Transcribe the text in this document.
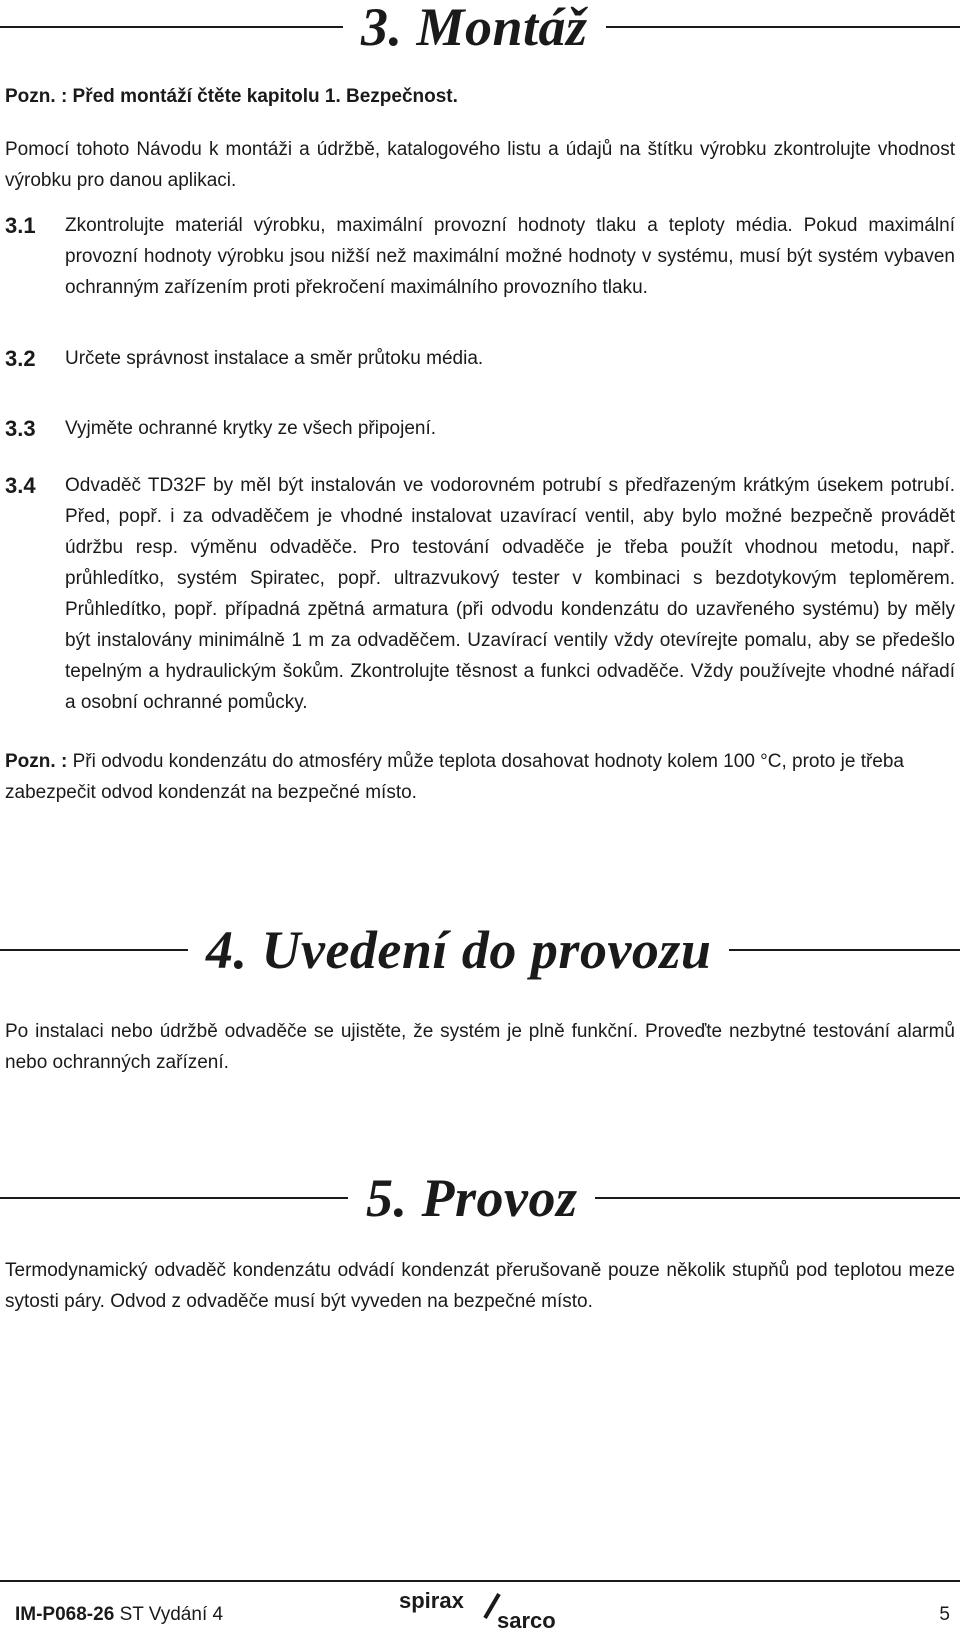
3. Montáž
Pozn. : Před montáží čtěte kapitolu 1. Bezpečnost.
Pomocí tohoto Návodu k montáži a údržbě, katalogového listu a údajů na štítku výrobku zkontrolujte vhodnost výrobku pro danou aplikaci.
3.1	Zkontrolujte materiál výrobku, maximální provozní hodnoty tlaku a teploty média. Pokud maximální provozní hodnoty výrobku jsou nižší než maximální možné hodnoty v systému, musí být systém vybaven ochranným zařízením proti překročení maximálního provozního tlaku.
3.2	Určete správnost instalace a směr průtoku média.
3.3	Vyjměte ochranné krytky ze všech připojení.
3.4	Odvaděč TD32F by měl být instalován ve vodorovném potrubí s předřazeným krátkým úsekem potrubí. Před, popř. i za odvaděčem je vhodné instalovat uzavírací ventil, aby bylo možné bezpečně provádět údržbu resp. výměnu odvaděče. Pro testování odvaděče je třeba použít vhodnou metodu, např. průhledítko, systém Spiratec, popř. ultrazvukový tester v kombinaci s bezdotykovým teploměrem. Průhledítko, popř. případná zpětná armatura (při odvodu kondenzátu do uzavřeného systému) by měly být instalovány minimálně 1 m za odvaděčem. Uzavírací ventily vždy otevírejte pomalu, aby se předešlo tepelným a hydraulickým šokům. Zkontrolujte těsnost a funkci odvaděče. Vždy používejte vhodné nářadí a osobní ochranné pomůcky.
Pozn. : Při odvodu kondenzátu do atmosféry může teplota dosahovat hodnoty kolem 100 °C, proto je třeba zabezpečit odvod kondenzát na bezpečné místo.
4. Uvedení do provozu
Po instalaci nebo údržbě odvaděče se ujistěte, že systém je plně funkční. Proveďte nezbytné testování alarmů nebo ochranných zařízení.
5. Provoz
Termodynamický odvaděč kondenzátu odvádí kondenzát přerušovaně pouze několik stupňů pod teplotou meze sytosti páry. Odvod z odvaděče musí být vyveden na bezpečné místo.
IM-P068-26 ST Vydání 4
spirax
sarco	5
